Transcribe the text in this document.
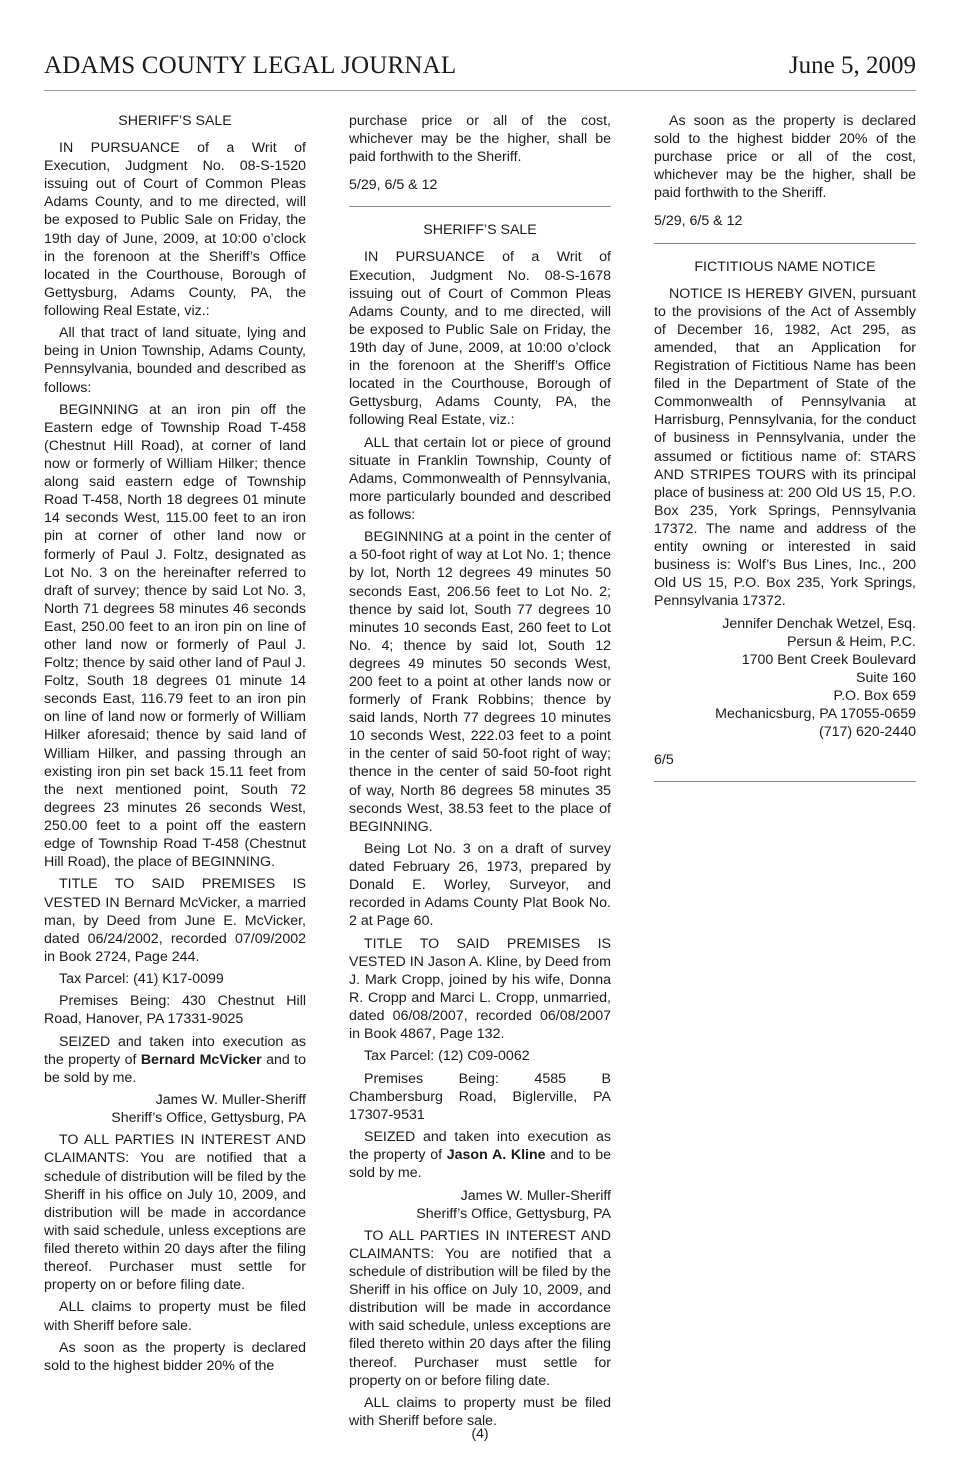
ADAMS COUNTY LEGAL JOURNAL	June 5, 2009
SHERIFF’S SALE

IN PURSUANCE of a Writ of Execution, Judgment No. 08-S-1520 issuing out of Court of Common Pleas Adams County, and to me directed, will be exposed to Public Sale on Friday, the 19th day of June, 2009, at 10:00 o’clock in the forenoon at the Sheriff’s Office located in the Courthouse, Borough of Gettysburg, Adams County, PA, the following Real Estate, viz.:

All that tract of land situate, lying and being in Union Township, Adams County, Pennsylvania, bounded and described as follows:

BEGINNING at an iron pin off the Eastern edge of Township Road T-458 (Chestnut Hill Road), at corner of land now or formerly of William Hilker; thence along said eastern edge of Township Road T-458, North 18 degrees 01 minute 14 seconds West, 115.00 feet to an iron pin at corner of other land now or formerly of Paul J. Foltz, designated as Lot No. 3 on the hereinafter referred to draft of survey; thence by said Lot No. 3, North 71 degrees 58 minutes 46 seconds East, 250.00 feet to an iron pin on line of other land now or formerly of Paul J. Foltz; thence by said other land of Paul J. Foltz, South 18 degrees 01 minute 14 seconds East, 116.79 feet to an iron pin on line of land now or formerly of William Hilker aforesaid; thence by said land of William Hilker, and passing through an existing iron pin set back 15.11 feet from the next mentioned point, South 72 degrees 23 minutes 26 seconds West, 250.00 feet to a point off the eastern edge of Township Road T-458 (Chestnut Hill Road), the place of BEGINNING.

TITLE TO SAID PREMISES IS VESTED IN Bernard McVicker, a married man, by Deed from June E. McVicker, dated 06/24/2002, recorded 07/09/2002 in Book 2724, Page 244.

Tax Parcel: (41) K17-0099

Premises Being: 430 Chestnut Hill Road, Hanover, PA 17331-9025

SEIZED and taken into execution as the property of Bernard McVicker and to be sold by me.

James W. Muller-Sheriff
Sheriff’s Office, Gettysburg, PA

TO ALL PARTIES IN INTEREST AND CLAIMANTS: You are notified that a schedule of distribution will be filed by the Sheriff in his office on July 10, 2009, and distribution will be made in accordance with said schedule, unless exceptions are filed thereto within 20 days after the filing thereof. Purchaser must settle for property on or before filing date.

ALL claims to property must be filed with Sheriff before sale.

As soon as the property is declared sold to the highest bidder 20% of the

purchase price or all of the cost, whichever may be the higher, shall be paid forthwith to the Sheriff.

5/29, 6/5 & 12

SHERIFF’S SALE

IN PURSUANCE of a Writ of Execution, Judgment No. 08-S-1678 issuing out of Court of Common Pleas Adams County, and to me directed, will be exposed to Public Sale on Friday, the 19th day of June, 2009, at 10:00 o’clock in the forenoon at the Sheriff’s Office located in the Courthouse, Borough of Gettysburg, Adams County, PA, the following Real Estate, viz.:

ALL that certain lot or piece of ground situate in Franklin Township, County of Adams, Commonwealth of Pennsylvania, more particularly bounded and described as follows:

BEGINNING at a point in the center of a 50-foot right of way at Lot No. 1; thence by lot, North 12 degrees 49 minutes 50 seconds East, 206.56 feet to Lot No. 2; thence by said lot, South 77 degrees 10 minutes 10 seconds East, 260 feet to Lot No. 4; thence by said lot, South 12 degrees 49 minutes 50 seconds West, 200 feet to a point at other lands now or formerly of Frank Robbins; thence by said lands, North 77 degrees 10 minutes 10 seconds West, 222.03 feet to a point in the center of said 50-foot right of way; thence in the center of said 50-foot right of way, North 86 degrees 58 minutes 35 seconds West, 38.53 feet to the place of BEGINNING.

Being Lot No. 3 on a draft of survey dated February 26, 1973, prepared by Donald E. Worley, Surveyor, and recorded in Adams County Plat Book No. 2 at Page 60.

TITLE TO SAID PREMISES IS VESTED IN Jason A. Kline, by Deed from J. Mark Cropp, joined by his wife, Donna R. Cropp and Marci L. Cropp, unmarried, dated 06/08/2007, recorded 06/08/2007 in Book 4867, Page 132.

Tax Parcel: (12) C09-0062

Premises Being: 4585 B Chambersburg Road, Biglerville, PA 17307-9531

SEIZED and taken into execution as the property of Jason A. Kline and to be sold by me.

James W. Muller-Sheriff
Sheriff’s Office, Gettysburg, PA

TO ALL PARTIES IN INTEREST AND CLAIMANTS: You are notified that a schedule of distribution will be filed by the Sheriff in his office on July 10, 2009, and distribution will be made in accordance with said schedule, unless exceptions are filed thereto within 20 days after the filing thereof. Purchaser must settle for property on or before filing date.

ALL claims to property must be filed with Sheriff before sale.

As soon as the property is declared sold to the highest bidder 20% of the purchase price or all of the cost, whichever may be the higher, shall be paid forthwith to the Sheriff.

5/29, 6/5 & 12

FICTITIOUS NAME NOTICE

NOTICE IS HEREBY GIVEN, pursuant to the provisions of the Act of Assembly of December 16, 1982, Act 295, as amended, that an Application for Registration of Fictitious Name has been filed in the Department of State of the Commonwealth of Pennsylvania at Harrisburg, Pennsylvania, for the conduct of business in Pennsylvania, under the assumed or fictitious name of: STARS AND STRIPES TOURS with its principal place of business at: 200 Old US 15, P.O. Box 235, York Springs, Pennsylvania 17372. The name and address of the entity owning or interested in said business is: Wolf’s Bus Lines, Inc., 200 Old US 15, P.O. Box 235, York Springs, Pennsylvania 17372.

Jennifer Denchak Wetzel, Esq.
Persun & Heim, P.C.
1700 Bent Creek Boulevard
Suite 160
P.O. Box 659
Mechanicsburg, PA 17055-0659
(717) 620-2440

6/5

(4)
